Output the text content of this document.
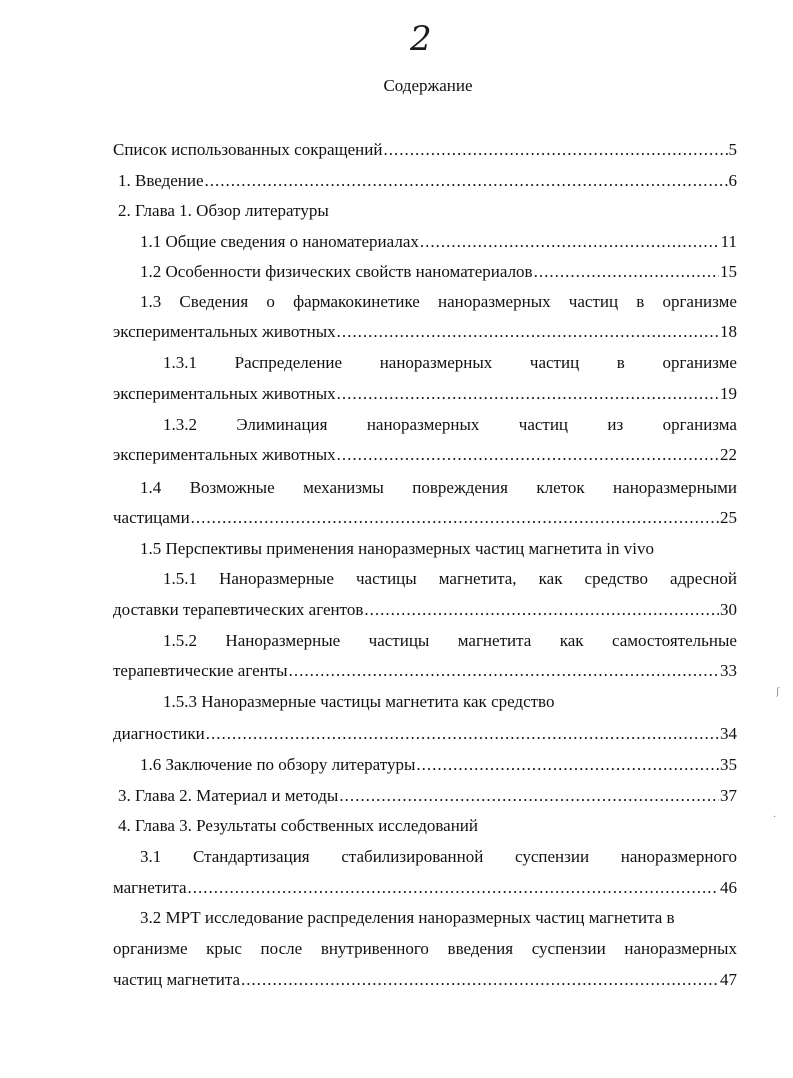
2
Содержание
Список использованных сокращений .....	5
1. Введение .....	6
2. Глава 1. Обзор литературы
1.1 Общие сведения о наноматериалах .....	11
1.2 Особенности физических свойств наноматериалов .....	15
1.3 Сведения о фармакокинетике наноразмерных частиц в организме
экспериментальных животных .....	18
1.3.1 Распределение наноразмерных частиц в организме
экспериментальных животных .....	19
1.3.2 Элиминация наноразмерных частиц из организма
экспериментальных животных .....	22
1.4 Возможные механизмы повреждения клеток наноразмерными
частицами .....	25
1.5 Перспективы применения наноразмерных частиц магнетита in vivo
1.5.1 Наноразмерные частицы магнетита, как средство адресной
доставки терапевтических агентов .....	30
1.5.2 Наноразмерные частицы магнетита как самостоятельные
терапевтические агенты .....	33
1.5.3 Наноразмерные частицы магнетита как средство
диагностики .....	34
1.6 Заключение по обзору литературы .....	35
3. Глава 2. Материал и методы .....	37
4. Глава 3. Результаты собственных исследований
3.1 Стандартизация стабилизированной суспензии наноразмерного
магнетита .....	46
3.2 МРТ исследование распределения наноразмерных частиц магнетита в
организме крыс после внутривенного введения суспензии наноразмерных
частиц магнетита .....	47
ʃ
·
